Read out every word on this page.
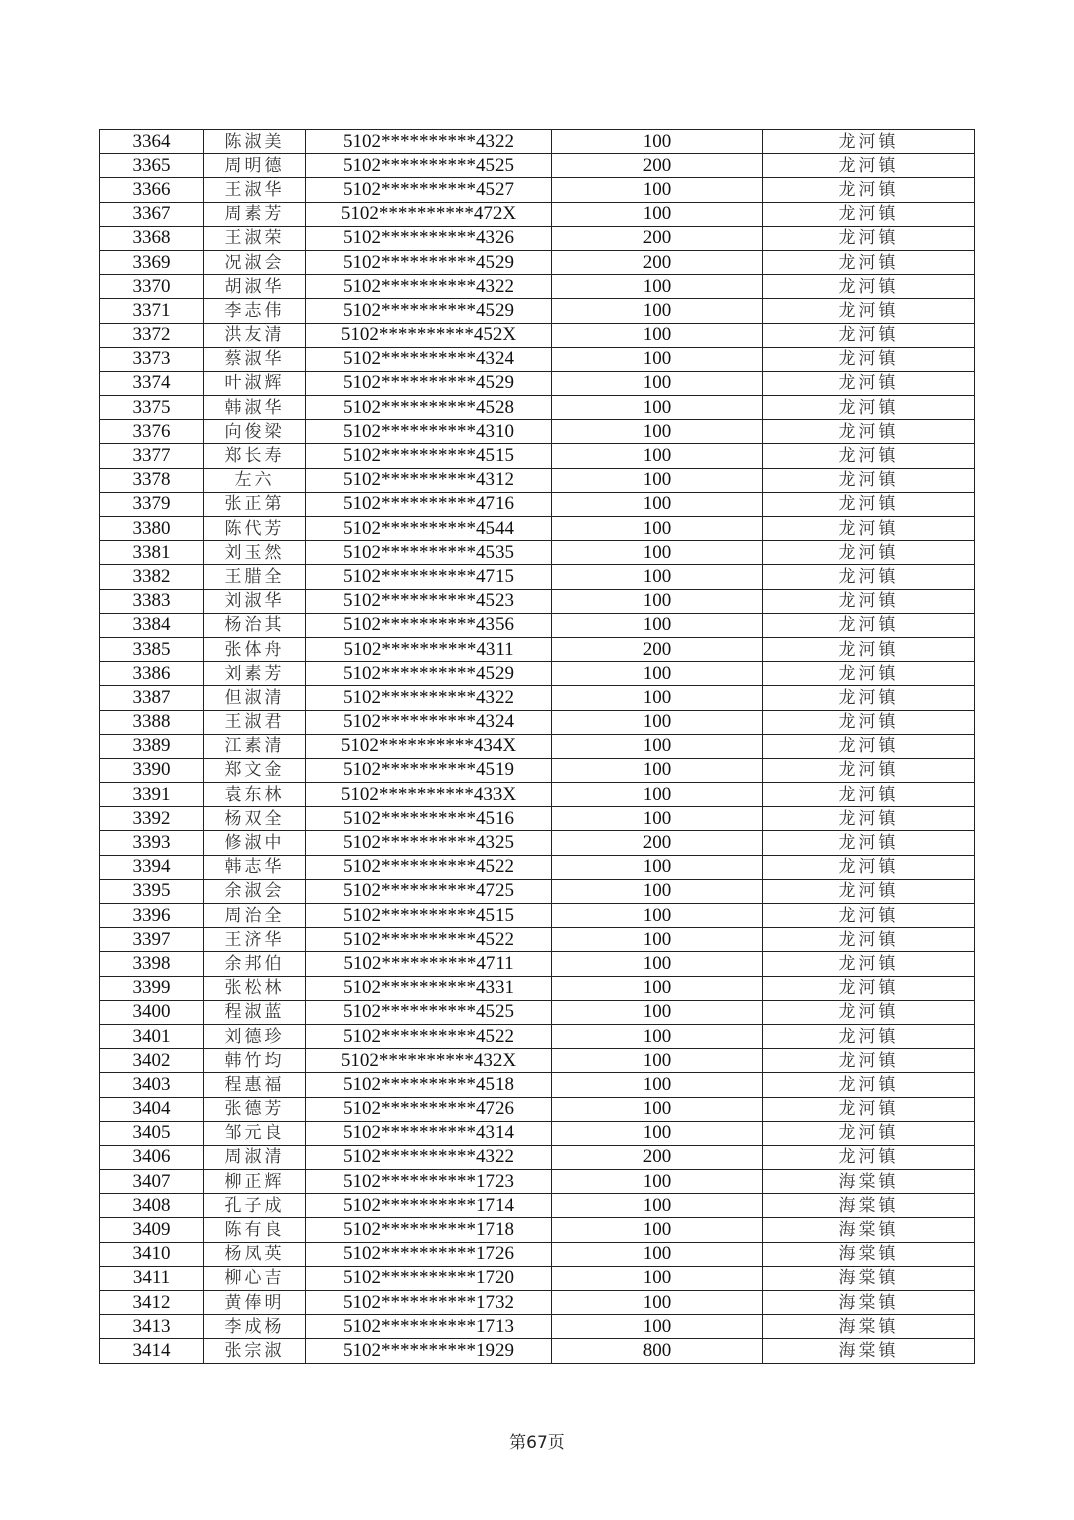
3364	陈淑美	5102**********4322	100	龙河镇
3365	周明德	5102**********4525	200	龙河镇
3366	王淑华	5102**********4527	100	龙河镇
3367	周素芳	5102**********472X	100	龙河镇
3368	王淑荣	5102**********4326	200	龙河镇
3369	况淑会	5102**********4529	200	龙河镇
3370	胡淑华	5102**********4322	100	龙河镇
3371	李志伟	5102**********4529	100	龙河镇
3372	洪友清	5102**********452X	100	龙河镇
3373	蔡淑华	5102**********4324	100	龙河镇
3374	叶淑辉	5102**********4529	100	龙河镇
3375	韩淑华	5102**********4528	100	龙河镇
3376	向俊梁	5102**********4310	100	龙河镇
3377	郑长寿	5102**********4515	100	龙河镇
3378	左六	5102**********4312	100	龙河镇
3379	张正第	5102**********4716	100	龙河镇
3380	陈代芳	5102**********4544	100	龙河镇
3381	刘玉然	5102**********4535	100	龙河镇
3382	王腊全	5102**********4715	100	龙河镇
3383	刘淑华	5102**********4523	100	龙河镇
3384	杨治其	5102**********4356	100	龙河镇
3385	张体舟	5102**********4311	200	龙河镇
3386	刘素芳	5102**********4529	100	龙河镇
3387	但淑清	5102**********4322	100	龙河镇
3388	王淑君	5102**********4324	100	龙河镇
3389	江素清	5102**********434X	100	龙河镇
3390	郑文金	5102**********4519	100	龙河镇
3391	袁东林	5102**********433X	100	龙河镇
3392	杨双全	5102**********4516	100	龙河镇
3393	修淑中	5102**********4325	200	龙河镇
3394	韩志华	5102**********4522	100	龙河镇
3395	余淑会	5102**********4725	100	龙河镇
3396	周治全	5102**********4515	100	龙河镇
3397	王济华	5102**********4522	100	龙河镇
3398	余邦伯	5102**********4711	100	龙河镇
3399	张松林	5102**********4331	100	龙河镇
3400	程淑蓝	5102**********4525	100	龙河镇
3401	刘德珍	5102**********4522	100	龙河镇
3402	韩竹均	5102**********432X	100	龙河镇
3403	程惠福	5102**********4518	100	龙河镇
3404	张德芳	5102**********4726	100	龙河镇
3405	邹元良	5102**********4314	100	龙河镇
3406	周淑清	5102**********4322	200	龙河镇
3407	柳正辉	5102**********1723	100	海棠镇
3408	孔子成	5102**********1714	100	海棠镇
3409	陈有良	5102**********1718	100	海棠镇
3410	杨凤英	5102**********1726	100	海棠镇
3411	柳心吉	5102**********1720	100	海棠镇
3412	黄俸明	5102**********1732	100	海棠镇
3413	李成杨	5102**********1713	100	海棠镇
3414	张宗淑	5102**********1929	800	海棠镇
第67页
